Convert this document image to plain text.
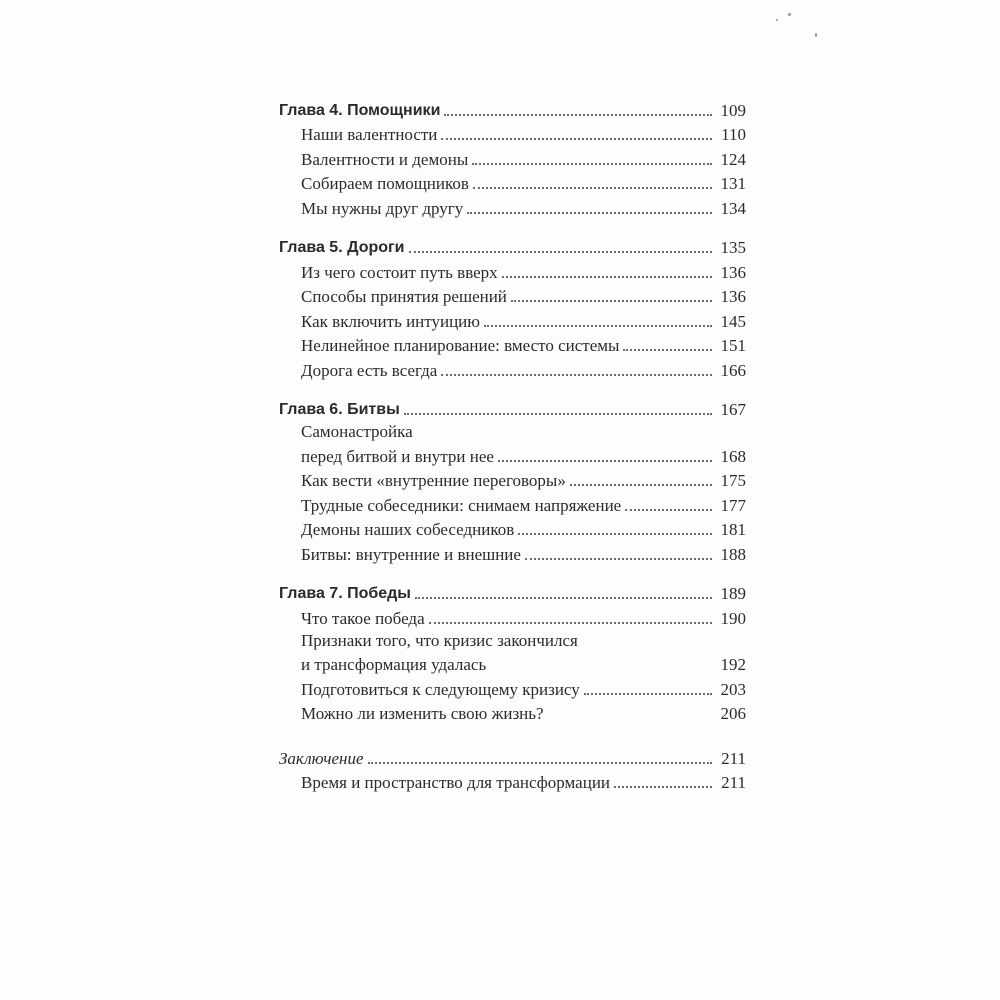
Глава 4. Помощники	109
Наши валентности	110
Валентности и демоны	124
Собираем помощников	131
Мы нужны друг другу	134
Глава 5. Дороги	135
Из чего состоит путь вверх	136
Способы принятия решений	136
Как включить интуицию	145
Нелинейное планирование: вместо системы	151
Дорога есть всегда	166
Глава 6. Битвы	167
Самонастройка
перед битвой и внутри нее	168
Как вести «внутренние переговоры»	175
Трудные собеседники: снимаем напряжение	177
Демоны наших собеседников	181
Битвы: внутренние и внешние	188
Глава 7. Победы	189
Что такое победа	190
Признаки того, что кризис закончился
и трансформация удалась	192
Подготовиться к следующему кризису	203
Можно ли изменить свою жизнь?	206
Заключение	211
Время и пространство для трансформации	211
